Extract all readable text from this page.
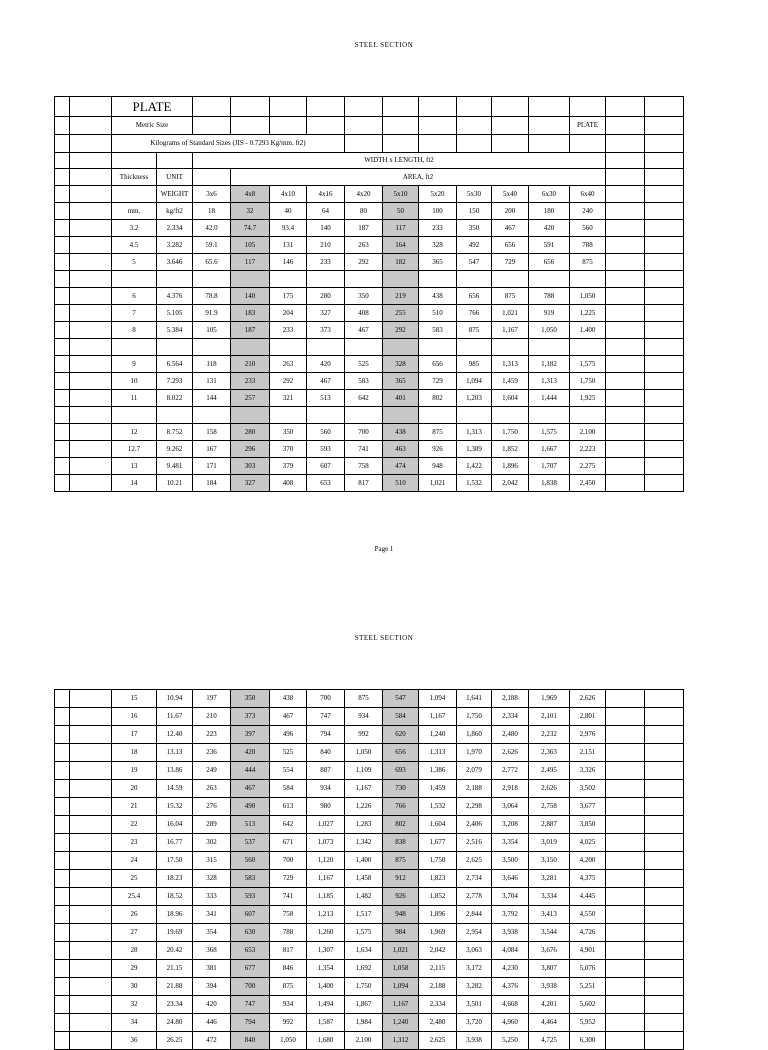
STEEL SECTION
		PLATE														
		Metric Size												PLATE		
		Kilograms of Standard Sizes (JIS - 0.7293 Kg/mm. ft2)														
				WIDTH x LENGTH, ft2												
		Thickness	UNIT		AREA, ft2											
			WEIGHT	3x6	4x8	4x10	4x16	4x20	5x10	5x20	5x30	5x40	6x30	6x40		
		mm.	kg/ft2	18	32	40	64	80	50	100	150	200	180	240		
		3.2	2.334	42.0	74.7	93.4	140	187	117	233	350	467	420	560		
		4.5	3.282	59.1	105	131	210	263	164	328	492	656	591	788		
		5	3.646	65.6	117	146	233	292	182	365	547	729	656	875		

		6	4.376	78.8	140	175	280	350	219	438	656	875	788	1,050		
		7	5.105	91.9	183	204	327	408	255	510	766	1,021	919	1,225		
		8	5.384	105	187	233	373	467	292	583	875	1,167	1,050	1,400		

		9	6.564	118	210	263	420	525	328	656	985	1,313	1,182	1,575		
		10	7.293	131	233	292	467	583	365	729	1,094	1,459	1,313	1,750		
		11	8.022	144	257	321	513	642	401	802	1,203	1,604	1,444	1,925		

		12	8.752	158	280	350	560	700	438	875	1,313	1,750	1,575	2,100		
		12.7	9.262	167	296	370	593	741	463	926	1,389	1,852	1,667	2,223		
		13	9.481	171	303	379	607	758	474	948	1,422	1,896	1,707	2,275		
		14	10.21	184	327	408	653	817	510	1,021	1,532	2,042	1,838	2,450		
Page 1
STEEL SECTION
		15	10.94	197	350	438	700	875	547	1,094	1,641	2,188	1,969	2,626		
		16	11.67	210	373	467	747	934	584	1,167	1,750	2,334	2,101	2,801		
		17	12.40	223	397	496	794	992	620	1,240	1,860	2,480	2,232	2,976		
		18	13.13	236	420	525	840	1,050	656	1,313	1,970	2,626	2,363	2,151		
		19	13.86	249	444	554	887	1,109	693	1,386	2,079	2,772	2,495	3,326		
		20	14.59	263	467	584	934	1,167	730	1,459	2,188	2,918	2,626	3,502		
		21	15.32	276	490	613	980	1,226	766	1,532	2,298	3,064	2,758	3,677		
		22	16.04	289	513	642	1,027	1,283	802	1,604	2,406	3,208	2,887	3,850		
		23	16.77	302	537	671	1,073	1,342	838	1,677	2,516	3,354	3,019	4,025		
		24	17.50	315	560	700	1,120	1,400	875	1,750	2,625	3,500	3,150	4,200		
		25	18.23	328	583	729	1,167	1,458	912	1,823	2,734	3,646	3,281	4,375		
		25.4	18.52	333	593	741	1,185	1,482	926	1,852	2,778	3,704	3,334	4,445		
		26	18.96	341	607	758	1,213	1,517	948	1,896	2,844	3,792	3,413	4,550		
		27	19.69	354	630	788	1,260	1,575	984	1,969	2,954	3,938	3,544	4,726		
		28	20.42	368	653	817	1,307	1,634	1,021	2,042	3,063	4,084	3,676	4,901		
		29	21.15	381	677	846	1,354	1,692	1,058	2,115	3,172	4,230	3,807	5,076		
		30	21.88	394	700	875	1,400	1,750	1,094	2,188	3,282	4,376	3,938	5,251		
		32	23.34	420	747	934	1,494	1,867	1,167	2,334	3,501	4,668	4,201	5,602		
		34	24.80	446	794	992	1,587	1,984	1,240	2,480	3,720	4,960	4,464	5,952		
		36	26.25	472	840	1,050	1,680	2,100	1,312	2,625	3,938	5,250	4,725	6,300		
